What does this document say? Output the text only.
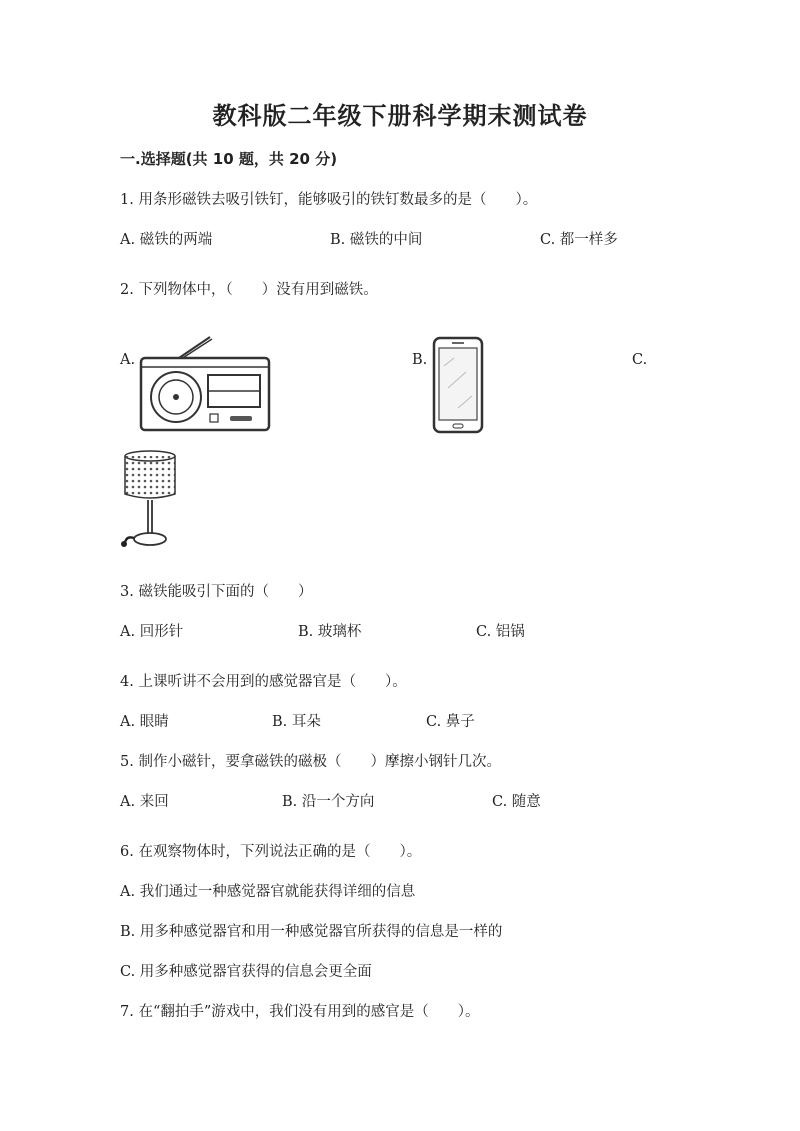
教科版二年级下册科学期末测试卷
一.选择题(共 10 题，共 20 分)
1. 用条形磁铁去吸引铁钉，能够吸引的铁钉数最多的是（　　）。
A. 磁铁的两端	B. 磁铁的中间	C. 都一样多
2. 下列物体中，（　　）没有用到磁铁。
A.	B.	C.
3. 磁铁能吸引下面的（　　）
A. 回形针	B. 玻璃杯	C. 铝锅
4. 上课听讲不会用到的感觉器官是（　　）。
A. 眼睛	B. 耳朵	C. 鼻子
5. 制作小磁针，要拿磁铁的磁极（　　）摩擦小钢针几次。
A. 来回	B. 沿一个方向	C. 随意
6. 在观察物体时，下列说法正确的是（　　）。
A. 我们通过一种感觉器官就能获得详细的信息
B. 用多种感觉器官和用一种感觉器官所获得的信息是一样的
C. 用多种感觉器官获得的信息会更全面
7. 在“翻拍手”游戏中，我们没有用到的感官是（　　）。
